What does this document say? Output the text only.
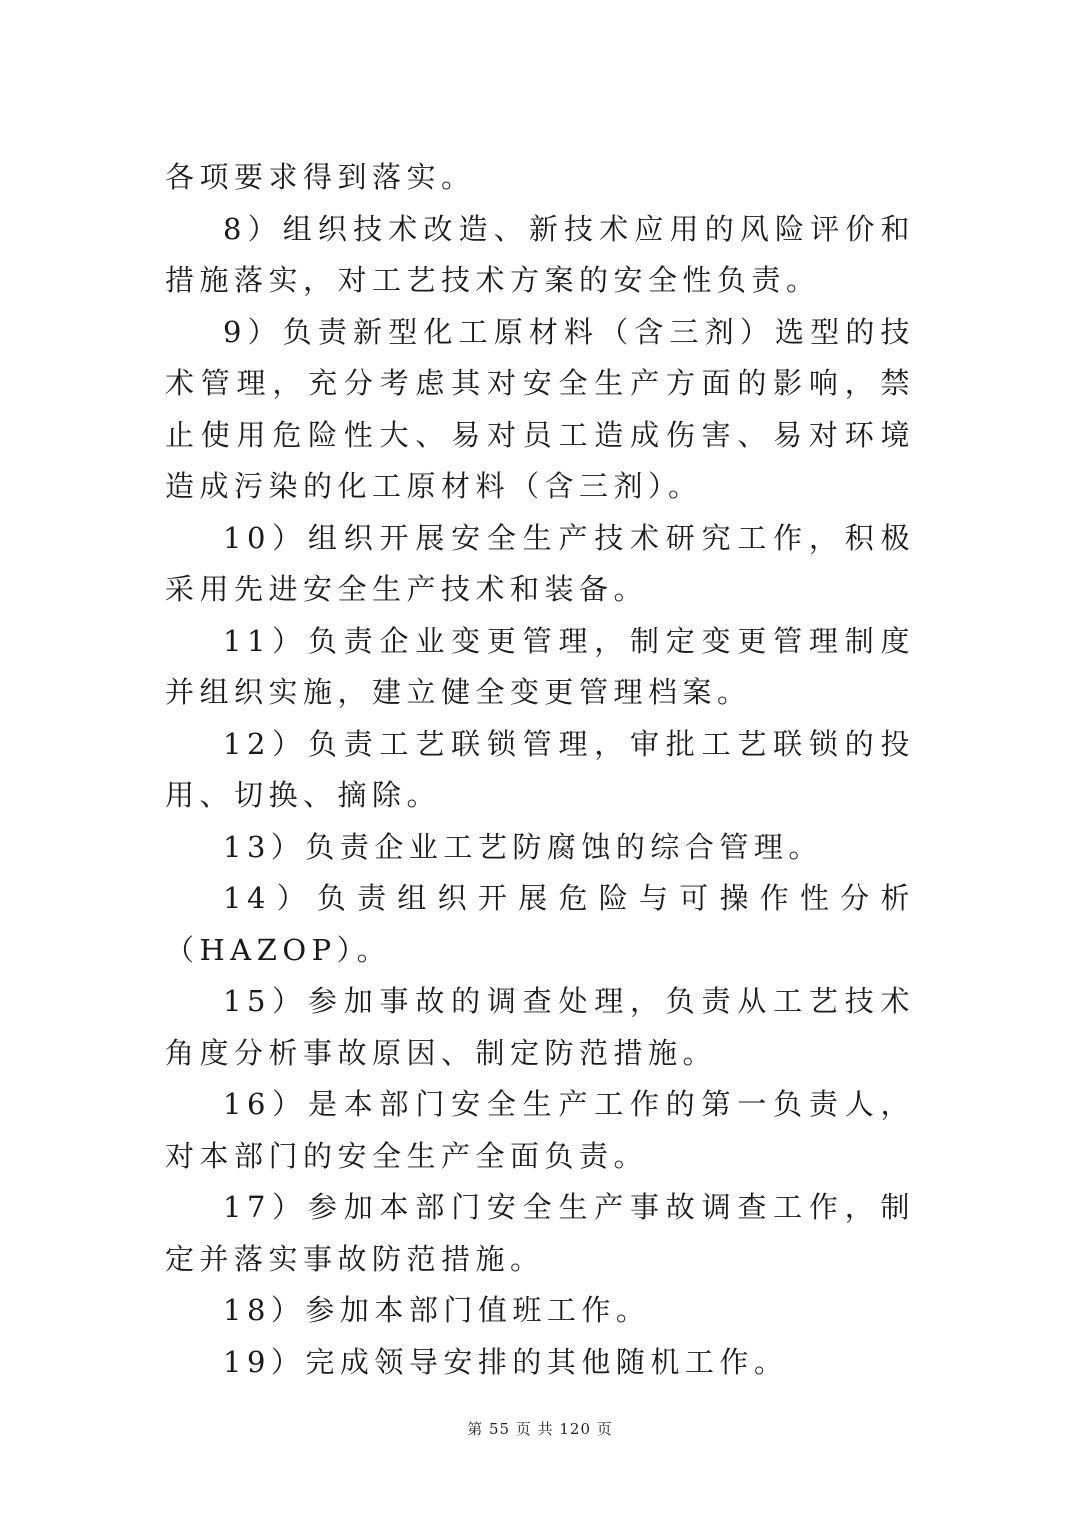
各项要求得到落实。

8）组织技术改造、新技术应用的风险评价和措施落实，对工艺技术方案的安全性负责。

9）负责新型化工原材料（含三剂）选型的技术管理，充分考虑其对安全生产方面的影响，禁止使用危险性大、易对员工造成伤害、易对环境造成污染的化工原材料（含三剂）。

10）组织开展安全生产技术研究工作，积极采用先进安全生产技术和装备。

11）负责企业变更管理，制定变更管理制度并组织实施，建立健全变更管理档案。

12）负责工艺联锁管理，审批工艺联锁的投用、切换、摘除。

13）负责企业工艺防腐蚀的综合管理。

14）负责组织开展危险与可操作性分析（HAZOP）。

15）参加事故的调查处理，负责从工艺技术角度分析事故原因、制定防范措施。

16）是本部门安全生产工作的第一负责人，对本部门的安全生产全面负责。

17）参加本部门安全生产事故调查工作，制定并落实事故防范措施。

18）参加本部门值班工作。

19）完成领导安排的其他随机工作。

第 55 页 共 120 页
